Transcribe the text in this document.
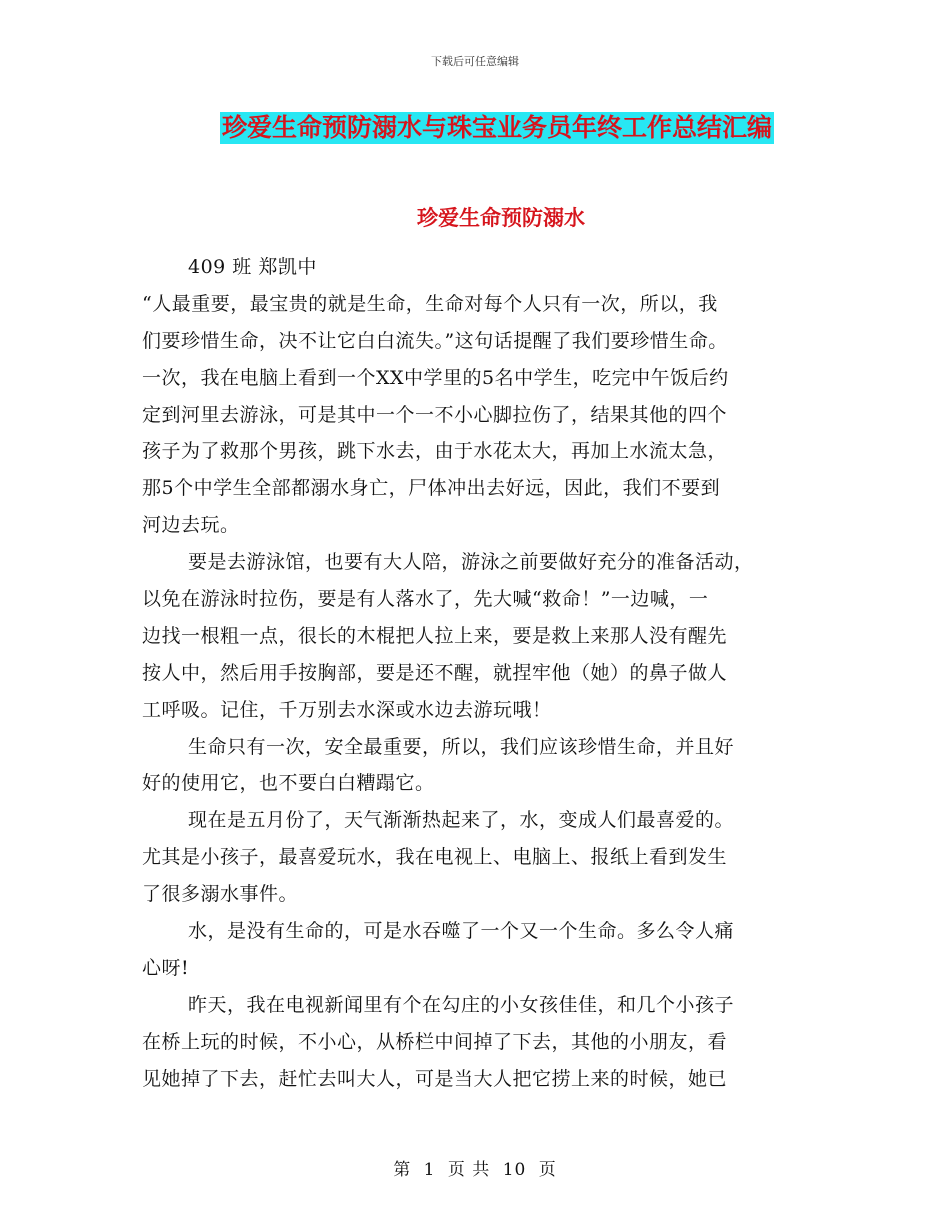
下载后可任意编辑
珍爱生命预防溺水与珠宝业务员年终工作总结汇编
珍爱生命预防溺水
409 班 郑凯中
“人最重要，最宝贵的就是生命，生命对每个人只有一次，所以，我
们要珍惜生命，决不让它白白流失。”这句话提醒了我们要珍惜生命。
一次，我在电脑上看到一个XX中学里的5名中学生，吃完中午饭后约
定到河里去游泳，可是其中一个一不小心脚拉伤了，结果其他的四个
孩子为了救那个男孩，跳下水去，由于水花太大，再加上水流太急，
那5个中学生全部都溺水身亡，尸体冲出去好远，因此，我们不要到
河边去玩。
要是去游泳馆，也要有大人陪，游泳之前要做好充分的准备活动，
以免在游泳时拉伤，要是有人落水了，先大喊“救命！”一边喊，一
边找一根粗一点，很长的木棍把人拉上来，要是救上来那人没有醒先
按人中，然后用手按胸部，要是还不醒，就捏牢他（她）的鼻子做人
工呼吸。记住，千万别去水深或水边去游玩哦！
生命只有一次，安全最重要，所以，我们应该珍惜生命，并且好
好的使用它，也不要白白糟蹋它。
现在是五月份了，天气渐渐热起来了，水，变成人们最喜爱的。
尤其是小孩子，最喜爱玩水，我在电视上、电脑上、报纸上看到发生
了很多溺水事件。
水，是没有生命的，可是水吞噬了一个又一个生命。多么令人痛
心呀!
昨天，我在电视新闻里有个在勾庄的小女孩佳佳，和几个小孩子
在桥上玩的时候，不小心，从桥栏中间掉了下去，其他的小朋友，看
见她掉了下去，赶忙去叫大人，可是当大人把它捞上来的时候，她已
第 1 页 共 10 页
